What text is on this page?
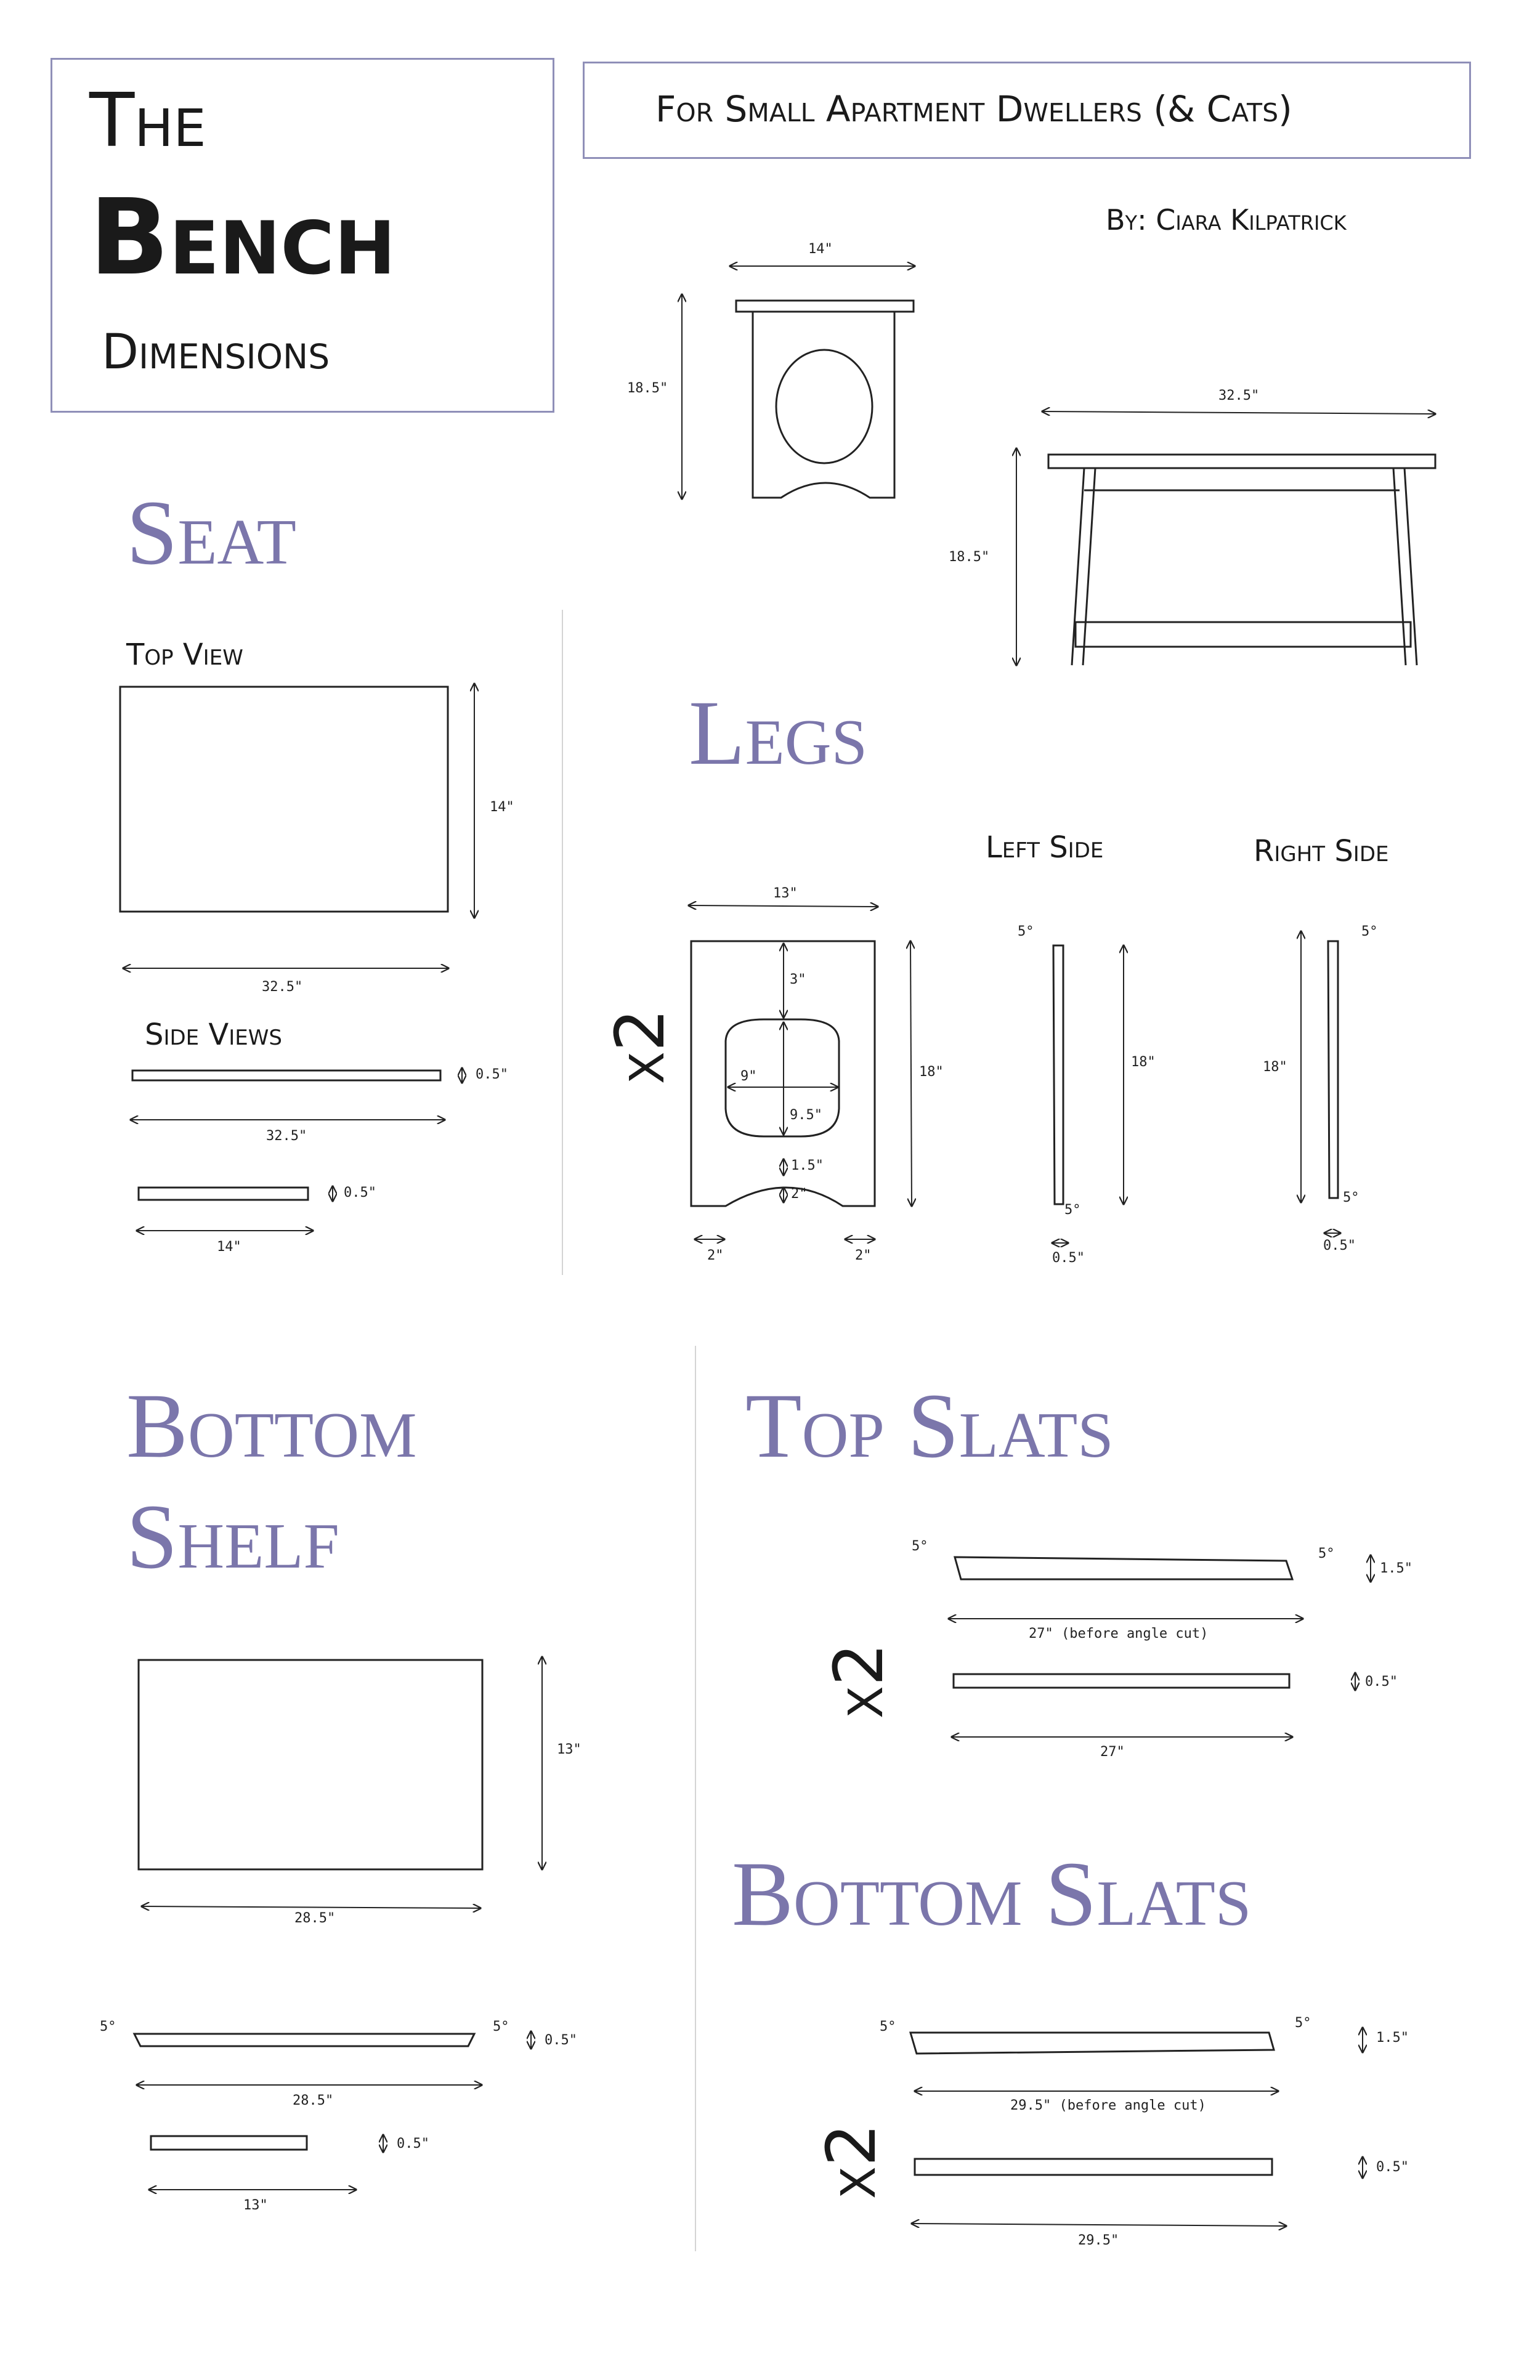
The
Bench
Dimensions
For Small Apartment Dwellers (& Cats)
By: Ciara Kilpatrick
Seat
Legs
Bottom
Shelf
Top Slats
Bottom Slats
14"
18.5"	32.5"
18.5"
Top View
14"
32.5"
Side Views
0.5"
32.5"
0.5"
14"
x2
13"
18"
3"
9"
9.5"
1.5"
2"
2"	2"
Left Side	Right Side
5°
18"
5°
0.5"
5°
18"
5°
0.5"
13"
28.5"
5°	5°
0.5"
28.5"
0.5"
13"
x2
5°	5°
1.5"
27" (before angle cut)
0.5"
27"
x2
5°	5°
1.5"
29.5" (before angle cut)
0.5"
29.5"
